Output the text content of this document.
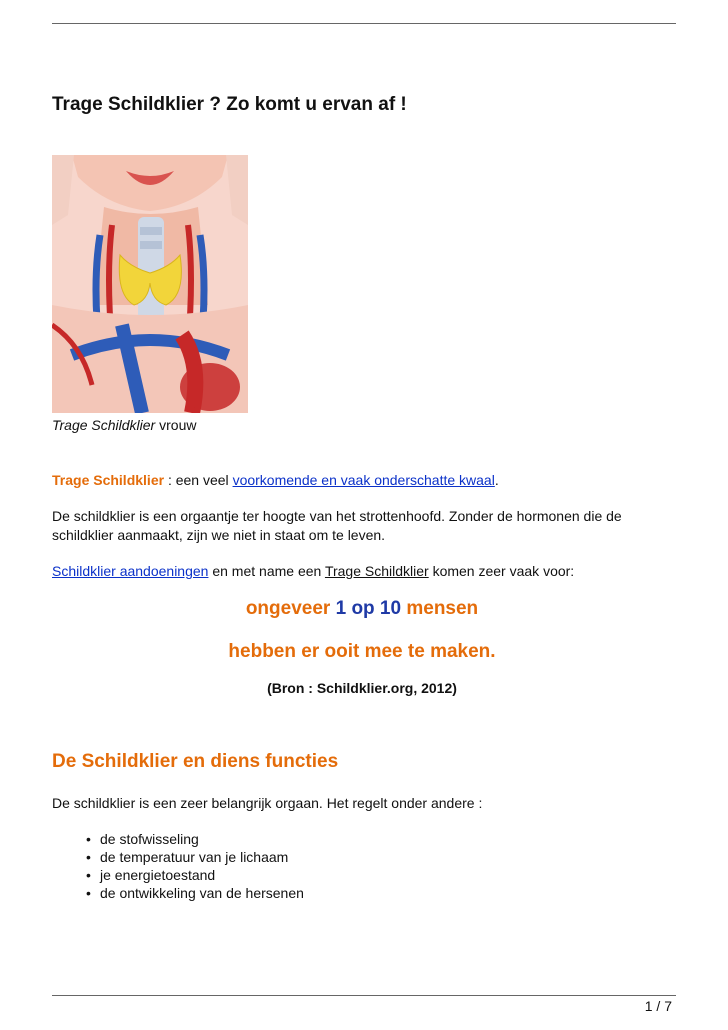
Trage Schildklier ? Zo komt u ervan af !
Trage Schildklier vrouw

Trage Schildklier : een veel voorkomende en vaak onderschatte kwaal.

De schildklier is een orgaantje ter hoogte van het strottenhoofd. Zonder de hormonen die de schildklier aanmaakt, zijn we niet in staat om te leven.

Schildklier aandoeningen en met name een Trage Schildklier komen zeer vaak voor:

ongeveer 1 op 10 mensen

hebben er ooit mee te maken.

(Bron : Schildklier.org, 2012)

De Schildklier en diens functies

De schildklier is een zeer belangrijk orgaan. Het regelt onder andere :

• de stofwisseling
• de temperatuur van je lichaam
• je energietoestand
• de ontwikkeling van de hersenen
1 / 7
